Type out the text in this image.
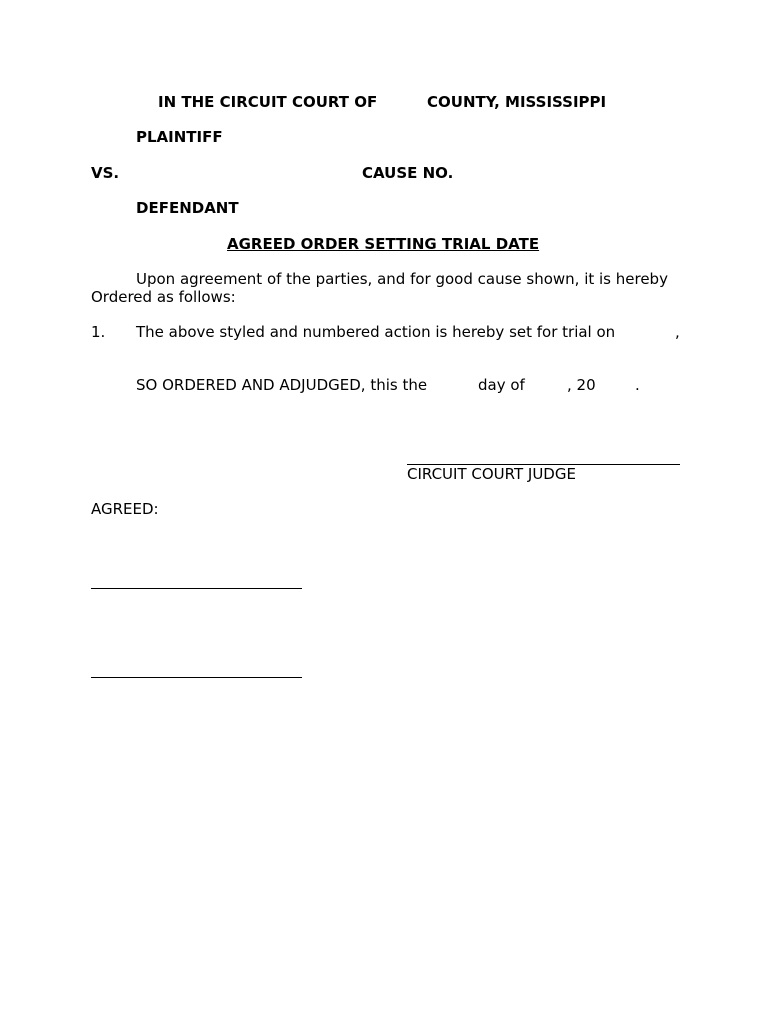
IN THE CIRCUIT COURT OF	COUNTY, MISSISSIPPI
PLAINTIFF
VS.	CAUSE NO.
DEFENDANT
AGREED ORDER SETTING TRIAL DATE
Upon agreement of the parties, and for good cause shown, it is hereby
Ordered as follows:
1. The above styled and numbered action is hereby set for trial on	,
SO ORDERED AND ADJUDGED, this the	day of	, 20	.
CIRCUIT COURT JUDGE
AGREED:
